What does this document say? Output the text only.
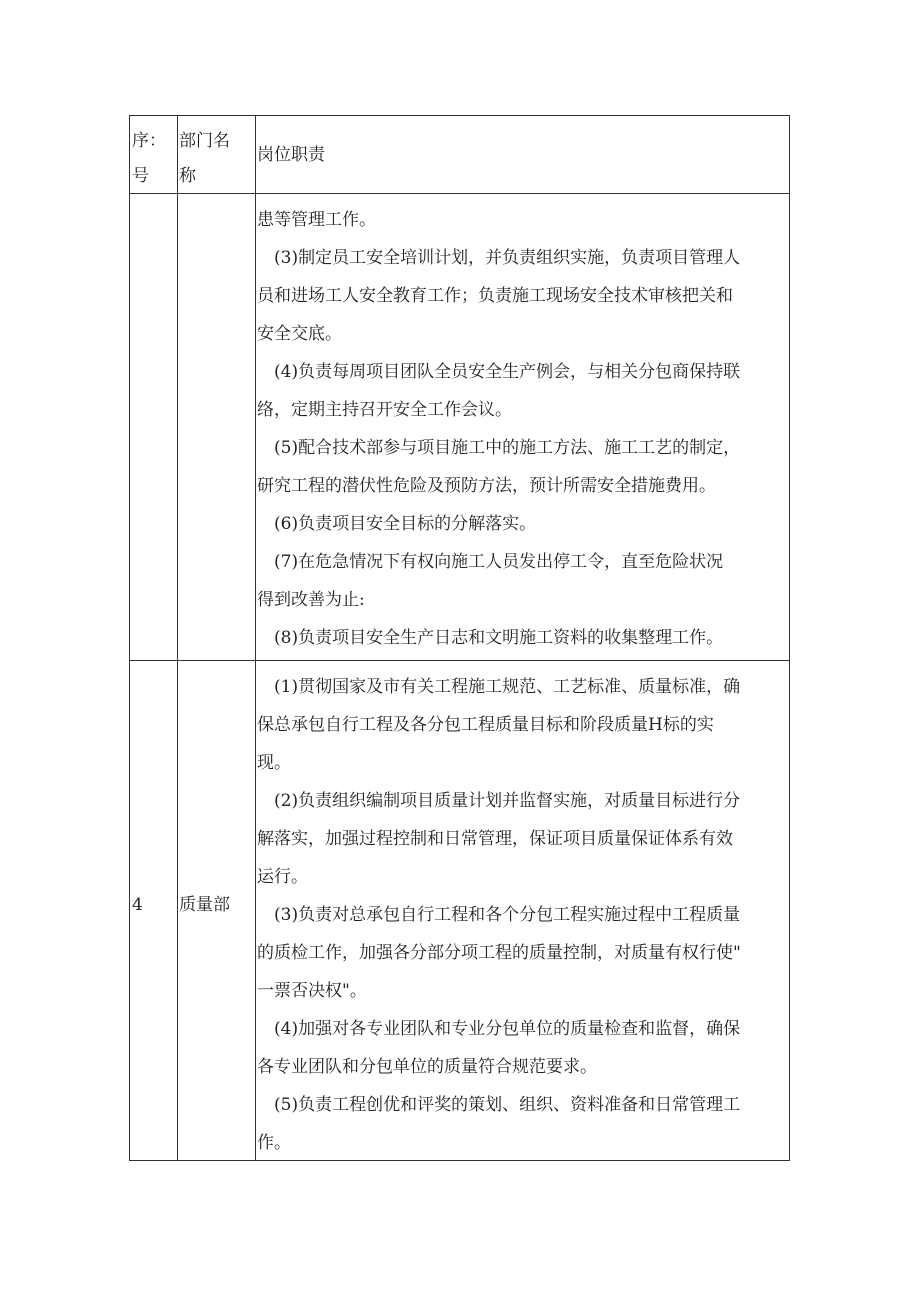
序：
号
部门名
称
岗位职责
4 质量部
患等管理工作。
(3)制定员工安全培训计划，并负责组织实施，负责项目管理人
员和进场工人安全教育工作；负责施工现场安全技术审核把关和
安全交底。
(4)负责每周项目团队全员安全生产例会，与相关分包商保持联
络，定期主持召开安全工作会议。
(5)配合技术部参与项目施工中的施工方法、施工工艺的制定，
研究工程的潜伏性危险及预防方法，预计所需安全措施费用。
(6)负责项目安全目标的分解落实。
(7)在危急情况下有权向施工人员发出停工令，直至危险状况
得到改善为止:
(8)负责项目安全生产日志和文明施工资料的收集整理工作。
(1)贯彻国家及市有关工程施工规范、工艺标准、质量标准，确
保总承包自行工程及各分包工程质量目标和阶段质量H标的实
现。
(2)负责组织编制项目质量计划并监督实施，对质量目标进行分
解落实，加强过程控制和日常管理，保证项目质量保证体系有效
运行。
(3)负责对总承包自行工程和各个分包工程实施过程中工程质量
的质检工作，加强各分部分项工程的质量控制，对质量有权行使"
一票否决权"。
(4)加强对各专业团队和专业分包单位的质量检查和监督，确保
各专业团队和分包单位的质量符合规范要求。
(5)负责工程创优和评奖的策划、组织、资料准备和日常管理工
作。
